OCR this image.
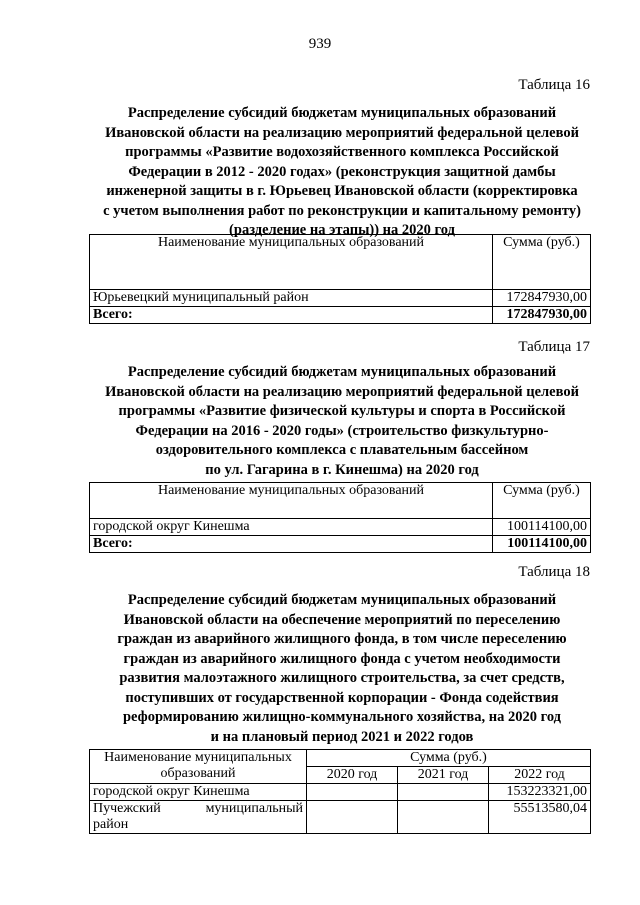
939
Таблица 16
Распределение субсидий бюджетам муниципальных образований
Ивановской области на реализацию мероприятий федеральной целевой
программы «Развитие водохозяйственного комплекса Российской
Федерации в 2012 - 2020 годах» (реконструкция защитной дамбы
инженерной защиты в г. Юрьевец Ивановской области (корректировка
с учетом выполнения работ по реконструкции и капитальному ремонту)
(разделение на этапы)) на 2020 год
Наименование муниципальных образований	Сумма (руб.)
Юрьевецкий муниципальный район	172847930,00
Всего:	172847930,00
Таблица 17
Распределение субсидий бюджетам муниципальных образований
Ивановской области на реализацию мероприятий федеральной целевой
программы «Развитие физической культуры и спорта в Российской
Федерации на 2016 - 2020 годы» (строительство физкультурно-
оздоровительного комплекса с плавательным бассейном
по ул. Гагарина в г. Кинешма) на 2020 год
Наименование муниципальных образований	Сумма (руб.)
городской округ Кинешма	100114100,00
Всего:	100114100,00
Таблица 18
Распределение субсидий бюджетам муниципальных образований
Ивановской области на обеспечение мероприятий по переселению
граждан из аварийного жилищного фонда, в том числе переселению
граждан из аварийного жилищного фонда с учетом необходимости
развития малоэтажного жилищного строительства, за счет средств,
поступивших от государственной корпорации - Фонда содействия
реформированию жилищно-коммунального хозяйства, на 2020 год
и на плановый период 2021 и 2022 годов
Наименование муниципальных
образований	Сумма (руб.)		
	2020 год	2021 год	2022 год
городской округ Кинешма			153223321,00

Пучежский муниципальный
район			55513580,04
